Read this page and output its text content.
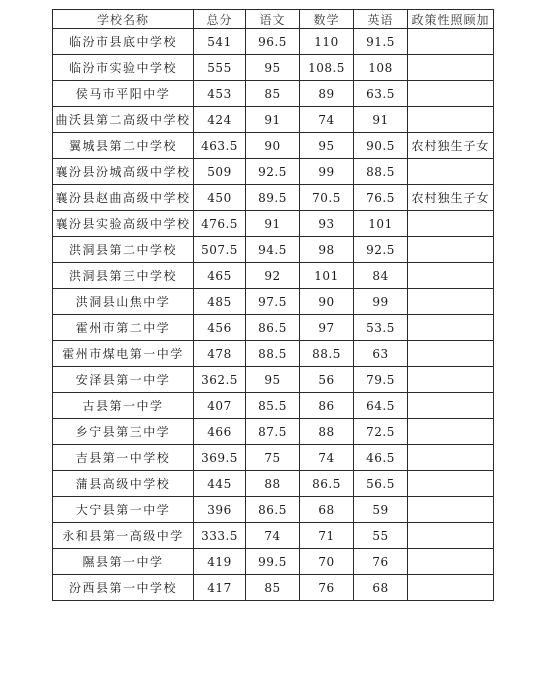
学校名称	总分	语文	数学	英语	政策性照顾加
临汾市县底中学校	541	96.5	110	91.5	
临汾市实验中学校	555	95	108.5	108	
侯马市平阳中学	453	85	89	63.5	
曲沃县第二高级中学校	424	91	74	91	
翼城县第二中学校	463.5	90	95	90.5	农村独生子女
襄汾县汾城高级中学校	509	92.5	99	88.5	
襄汾县赵曲高级中学校	450	89.5	70.5	76.5	农村独生子女
襄汾县实验高级中学校	476.5	91	93	101	
洪洞县第二中学校	507.5	94.5	98	92.5	
洪洞县第三中学校	465	92	101	84	
洪洞县山焦中学	485	97.5	90	99	
霍州市第二中学	456	86.5	97	53.5	
霍州市煤电第一中学	478	88.5	88.5	63	
安泽县第一中学	362.5	95	56	79.5	
古县第一中学	407	85.5	86	64.5	
乡宁县第三中学	466	87.5	88	72.5	
吉县第一中学校	369.5	75	74	46.5	
蒲县高级中学校	445	88	86.5	56.5	
大宁县第一中学	396	86.5	68	59	
永和县第一高级中学	333.5	74	71	55	
隰县第一中学	419	99.5	70	76	
汾西县第一中学校	417	85	76	68	
